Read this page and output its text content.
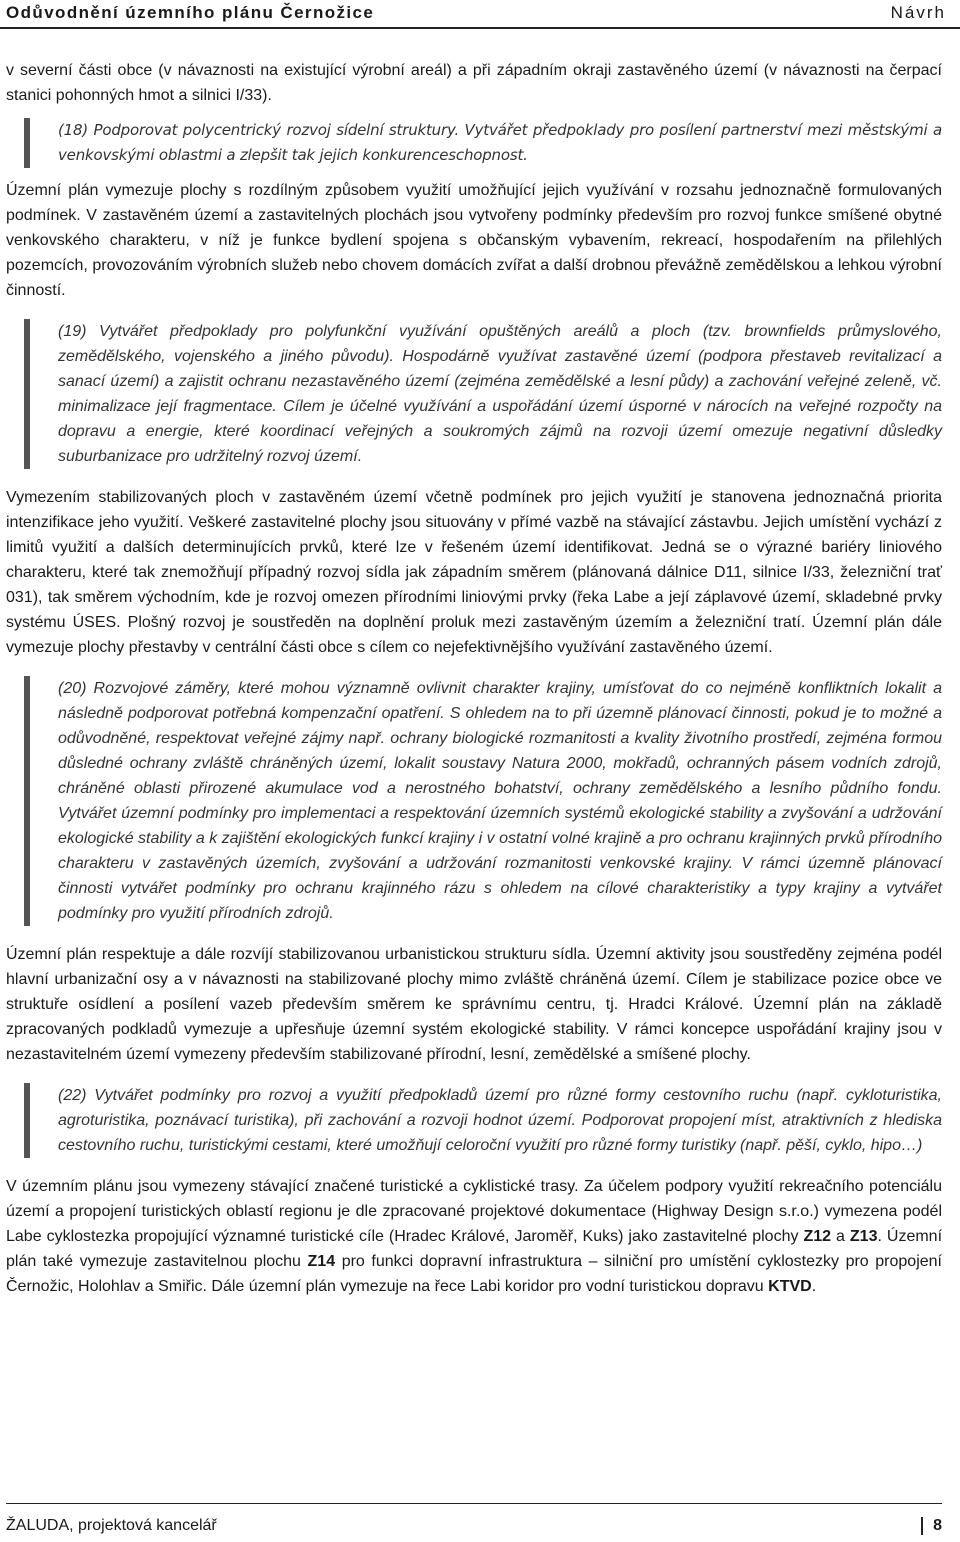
Odůvodnění územního plánu Černožice	Návrh

v severní části obce (v návaznosti na existující výrobní areál) a při západním okraji zastavěného území (v návaznosti na čerpací stanici pohonných hmot a silnici I/33).

(18) Podporovat polycentrický rozvoj sídelní struktury. Vytvářet předpoklady pro posílení partnerství mezi městskými a venkovskými oblastmi a zlepšit tak jejich konkurenceschopnost.

Územní plán vymezuje plochy s rozdílným způsobem využití umožňující jejich využívání v rozsahu jednoznačně formulovaných podmínek. V zastavěném území a zastavitelných plochách jsou vytvořeny podmínky především pro rozvoj funkce smíšené obytné venkovského charakteru, v níž je funkce bydlení spojena s občanským vybavením, rekreací, hospodařením na přilehlých pozemcích, provozováním výrobních služeb nebo chovem domácích zvířat a další drobnou převážně zemědělskou a lehkou výrobní činností.

(19) Vytvářet předpoklady pro polyfunkční využívání opuštěných areálů a ploch (tzv. brownfields průmyslového, zemědělského, vojenského a jiného původu). Hospodárně využívat zastavěné území (podpora přestaveb revitalizací a sanací území) a zajistit ochranu nezastavěného území (zejména zemědělské a lesní půdy) a zachování veřejné zeleně, vč. minimalizace její fragmentace. Cílem je účelné využívání a uspořádání území úsporné v nárocích na veřejné rozpočty na dopravu a energie, které koordinací veřejných a soukromých zájmů na rozvoji území omezuje negativní důsledky suburbanizace pro udržitelný rozvoj území.

Vymezením stabilizovaných ploch v zastavěném území včetně podmínek pro jejich využití je stanovena jednoznačná priorita intenzifikace jeho využití. Veškeré zastavitelné plochy jsou situovány v přímé vazbě na stávající zástavbu. Jejich umístění vychází z limitů využití a dalších determinujících prvků, které lze v řešeném území identifikovat. Jedná se o výrazné bariéry liniového charakteru, které tak znemožňují případný rozvoj sídla jak západním směrem (plánovaná dálnice D11, silnice I/33, železniční trať 031), tak směrem východním, kde je rozvoj omezen přírodními liniovými prvky (řeka Labe a její záplavové území, skladebné prvky systému ÚSES. Plošný rozvoj je soustředěn na doplnění proluk mezi zastavěným územím a železniční tratí. Územní plán dále vymezuje plochy přestavby v centrální části obce s cílem co nejefektivnějšího využívání zastavěného území.

(20) Rozvojové záměry, které mohou významně ovlivnit charakter krajiny, umísťovat do co nejméně konfliktních lokalit a následně podporovat potřebná kompenzační opatření. S ohledem na to při územně plánovací činnosti, pokud je to možné a odůvodněné, respektovat veřejné zájmy např. ochrany biologické rozmanitosti a kvality životního prostředí, zejména formou důsledné ochrany zvláště chráněných území, lokalit soustavy Natura 2000, mokřadů, ochranných pásem vodních zdrojů, chráněné oblasti přirozené akumulace vod a nerostného bohatství, ochrany zemědělského a lesního půdního fondu. Vytvářet územní podmínky pro implementaci a respektování územních systémů ekologické stability a zvyšování a udržování ekologické stability a k zajištění ekologických funkcí krajiny i v ostatní volné krajině a pro ochranu krajinných prvků přírodního charakteru v zastavěných územích, zvyšování a udržování rozmanitosti venkovské krajiny. V rámci územně plánovací činnosti vytvářet podmínky pro ochranu krajinného rázu s ohledem na cílové charakteristiky a typy krajiny a vytvářet podmínky pro využití přírodních zdrojů.

Územní plán respektuje a dále rozvíjí stabilizovanou urbanistickou strukturu sídla. Územní aktivity jsou soustředěny zejména podél hlavní urbanizační osy a v návaznosti na stabilizované plochy mimo zvláště chráněná území. Cílem je stabilizace pozice obce ve struktuře osídlení a posílení vazeb především směrem ke správnímu centru, tj. Hradci Králové. Územní plán na základě zpracovaných podkladů vymezuje a upřesňuje územní systém ekologické stability. V rámci koncepce uspořádání krajiny jsou v nezastavitelném území vymezeny především stabilizované přírodní, lesní, zemědělské a smíšené plochy.

(22) Vytvářet podmínky pro rozvoj a využití předpokladů území pro různé formy cestovního ruchu (např. cykloturistika, agroturistika, poznávací turistika), při zachování a rozvoji hodnot území. Podporovat propojení míst, atraktivních z hlediska cestovního ruchu, turistickými cestami, které umožňují celoroční využití pro různé formy turistiky (např. pěší, cyklo, hipo…)

V územním plánu jsou vymezeny stávající značené turistické a cyklistické trasy. Za účelem podpory využití rekreačního potenciálu území a propojení turistických oblastí regionu je dle zpracované projektové dokumentace (Highway Design s.r.o.) vymezena podél Labe cyklostezka propojující významné turistické cíle (Hradec Králové, Jaroměř, Kuks) jako zastavitelné plochy Z12 a Z13. Územní plán také vymezuje zastavitelnou plochu Z14 pro funkci dopravní infrastruktura – silniční pro umístění cyklostezky pro propojení Černožic, Holohlav a Smiřic. Dále územní plán vymezuje na řece Labi koridor pro vodní turistickou dopravu KTVD.

ŽALUDA, projektová kancelář	8
